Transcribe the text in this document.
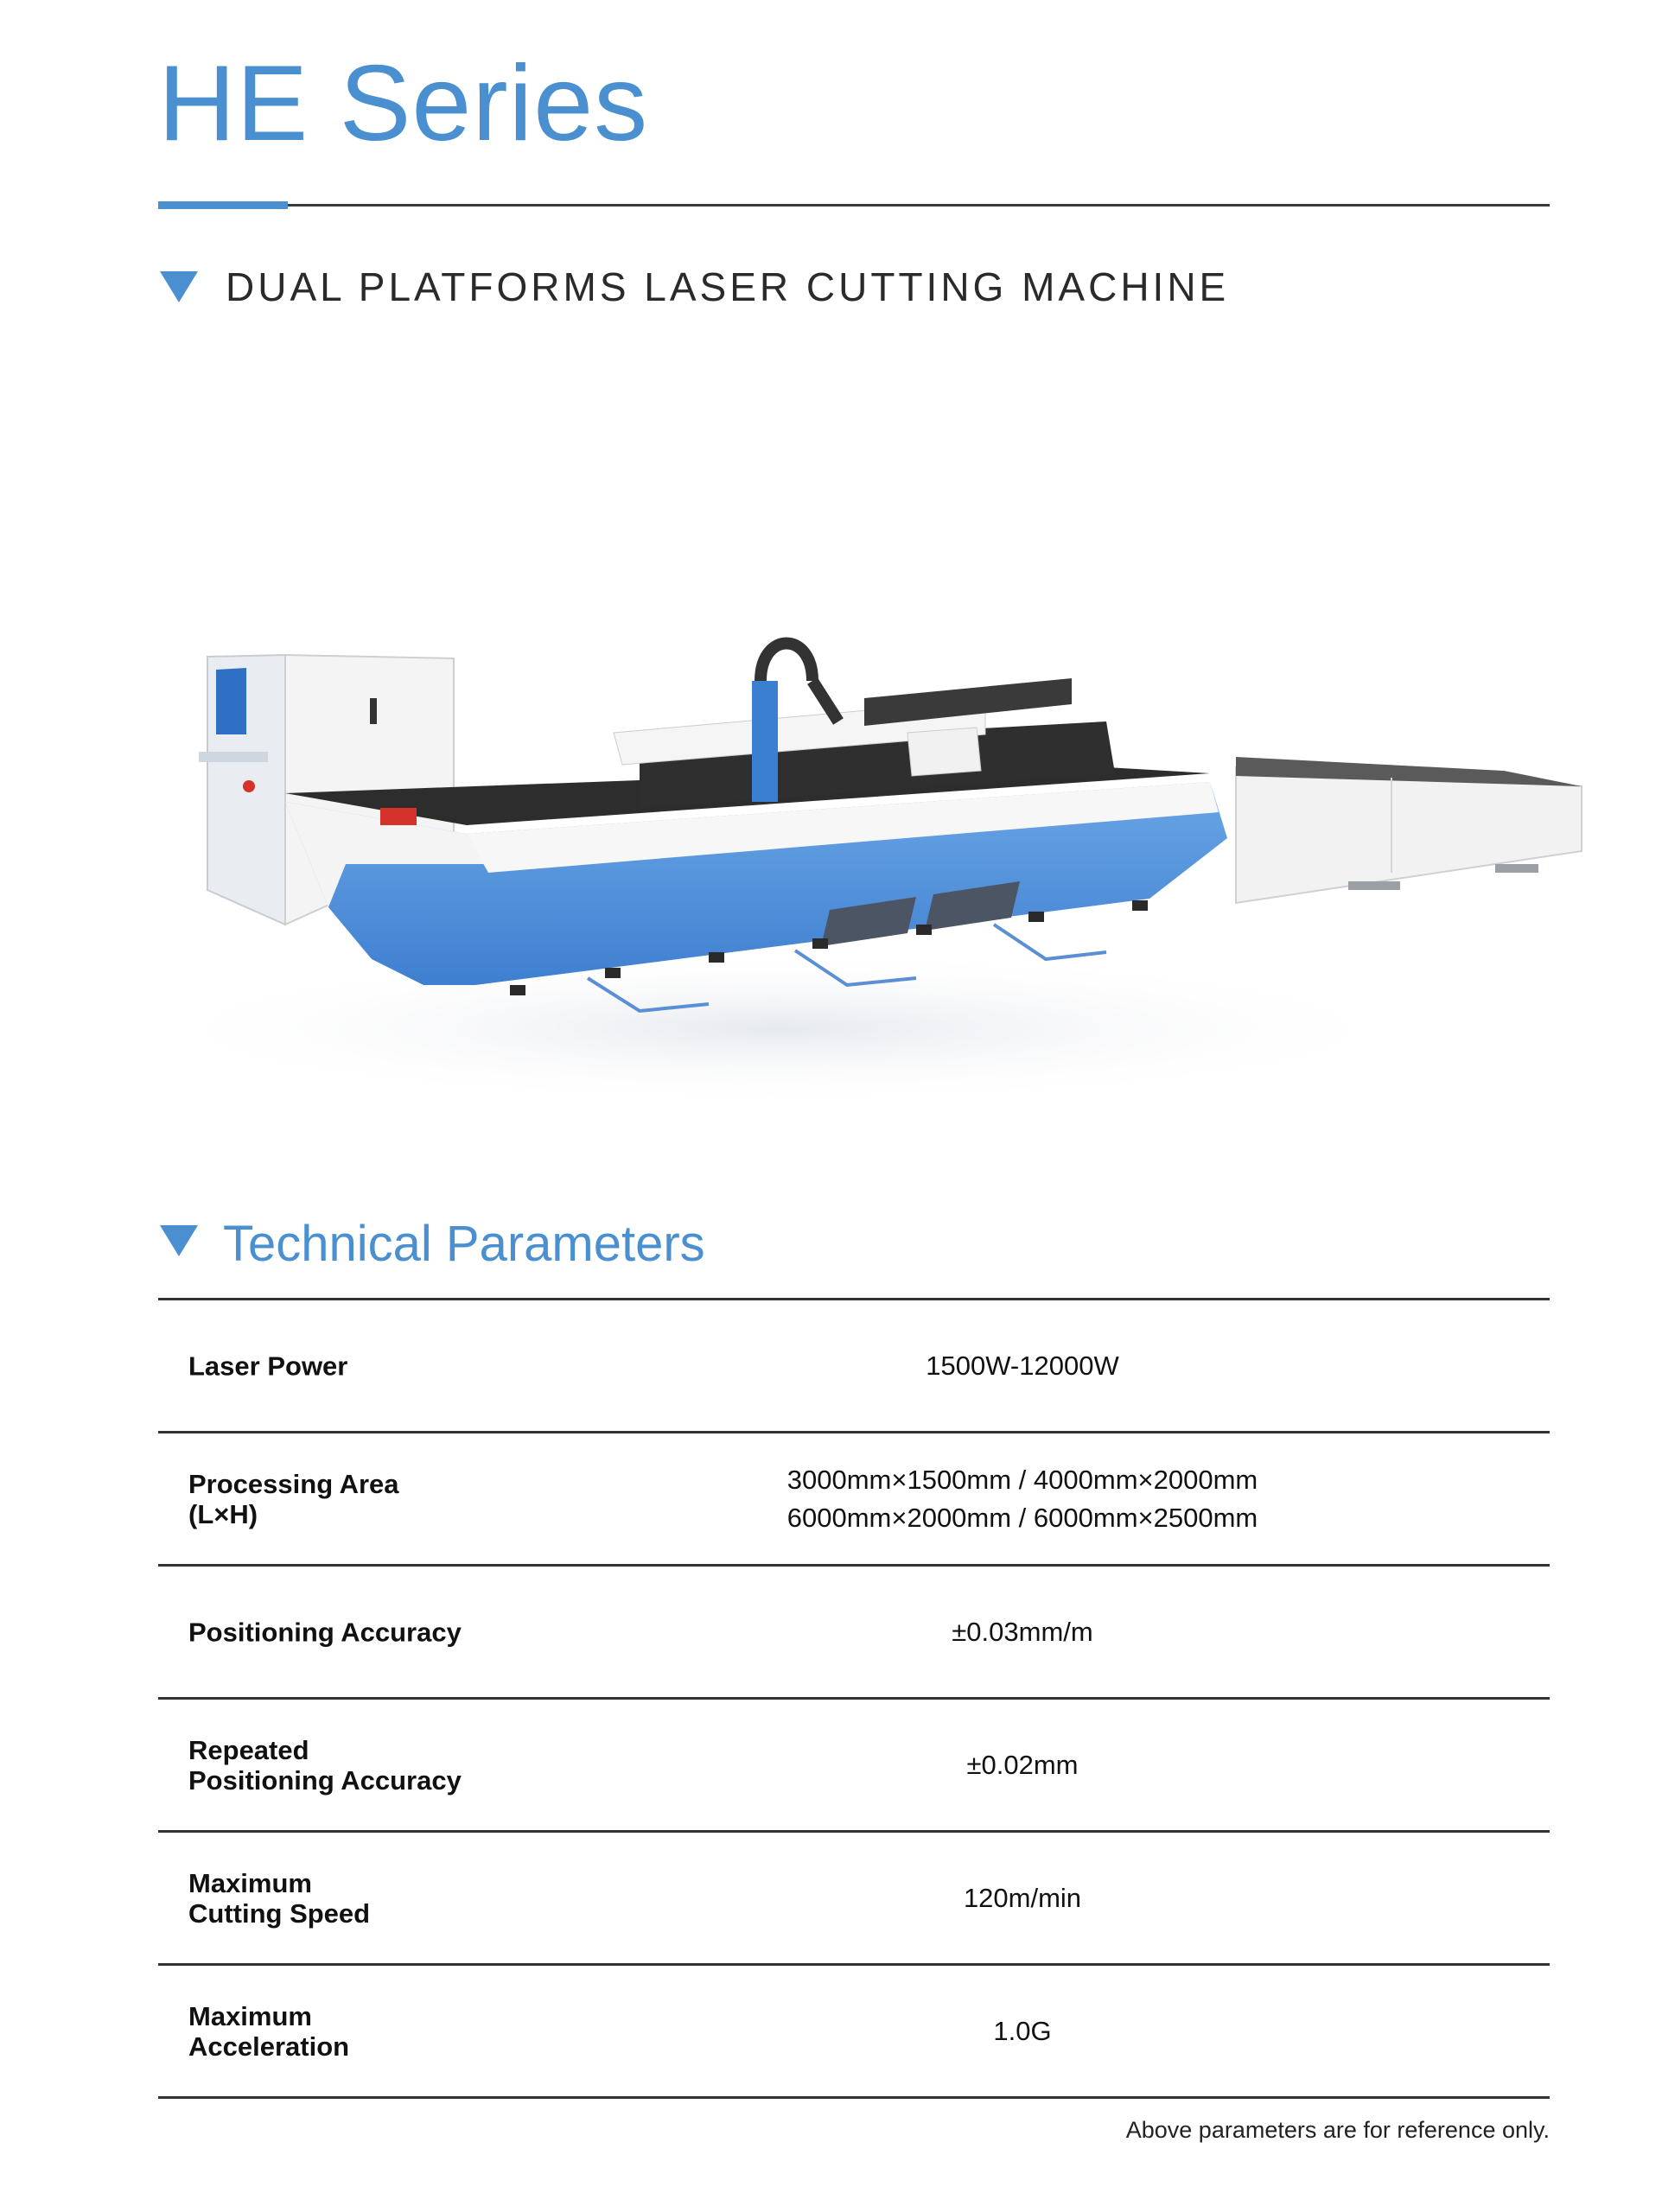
HE Series
DUAL PLATFORMS LASER CUTTING MACHINE
Technical Parameters
Laser Power	1500W-12000W
Processing Area
(L×H)
3000mm×1500mm / 4000mm×2000mm
6000mm×2000mm / 6000mm×2500mm
Positioning Accuracy	±0.03mm/m
Repeated
Positioning Accuracy
±0.02mm
Maximum
Cutting Speed
120m/min
Maximum
Acceleration
1.0G
Above parameters are for reference only.
